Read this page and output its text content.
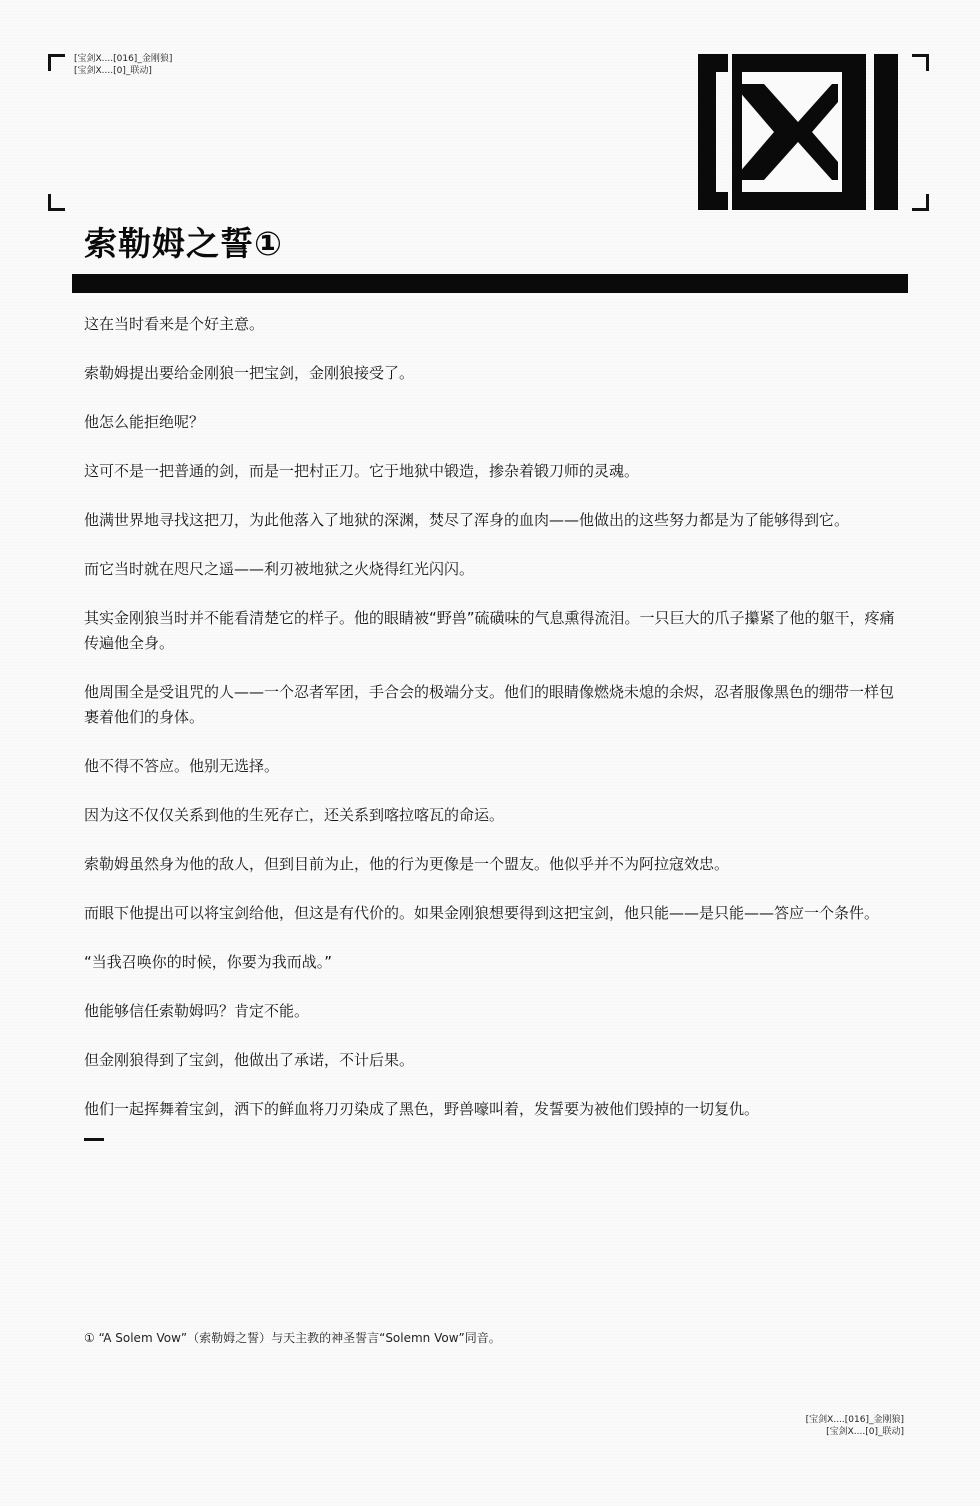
[宝剑X....[016]_金刚狼]
[宝剑X....[0]_联动]
索勒姆之誓①
这在当时看来是个好主意。
索勒姆提出要给金刚狼一把宝剑，金刚狼接受了。
他怎么能拒绝呢？
这可不是一把普通的剑，而是一把村正刀。它于地狱中锻造，掺杂着锻刀师的灵魂。
他满世界地寻找这把刀，为此他落入了地狱的深渊，焚尽了浑身的血肉——他做出的这些努力都是为了能够得到它。
而它当时就在咫尺之遥——利刃被地狱之火烧得红光闪闪。
其实金刚狼当时并不能看清楚它的样子。他的眼睛被“野兽”硫磺味的气息熏得流泪。一只巨大的爪子攥紧了他的躯干，疼痛传遍他全身。
他周围全是受诅咒的人——一个忍者军团，手合会的极端分支。他们的眼睛像燃烧未熄的余烬，忍者服像黑色的绷带一样包裹着他们的身体。
他不得不答应。他别无选择。
因为这不仅仅关系到他的生死存亡，还关系到喀拉喀瓦的命运。
索勒姆虽然身为他的敌人，但到目前为止，他的行为更像是一个盟友。他似乎并不为阿拉寇效忠。
而眼下他提出可以将宝剑给他，但这是有代价的。如果金刚狼想要得到这把宝剑，他只能——是只能——答应一个条件。
“当我召唤你的时候，你要为我而战。”
他能够信任索勒姆吗？肯定不能。
但金刚狼得到了宝剑，他做出了承诺，不计后果。
他们一起挥舞着宝剑，洒下的鲜血将刀刃染成了黑色，野兽嚎叫着，发誓要为被他们毁掉的一切复仇。
① “A Solem Vow”（索勒姆之誓）与天主教的神圣誓言“Solemn Vow”同音。
[宝剑X....[016]_金刚狼]
[宝剑X....[0]_联动]
